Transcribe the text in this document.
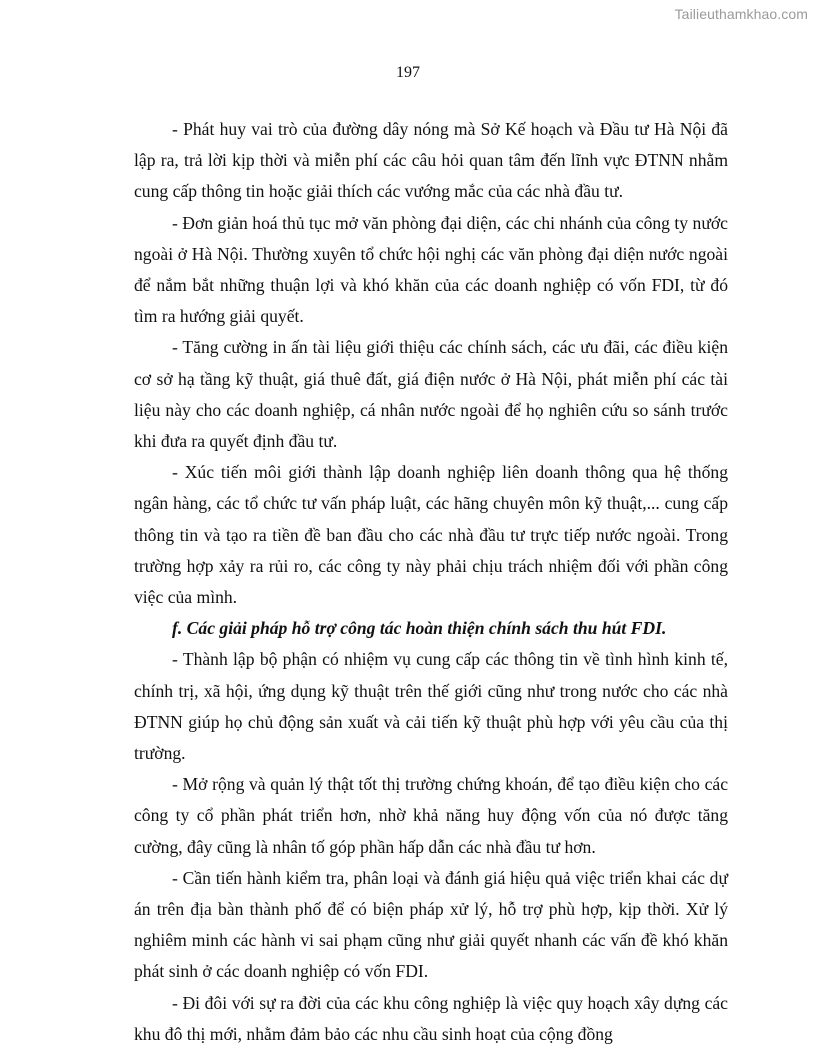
Tailieuthamkhao.com
197

- Phát huy vai trò của đường dây nóng mà Sở Kế hoạch và Đầu tư Hà Nội đã lập ra, trả lời kịp thời và miễn phí các câu hỏi quan tâm đến lĩnh vực ĐTNN nhằm cung cấp thông tin hoặc giải thích các vướng mắc của các nhà đầu tư.

- Đơn giản hoá thủ tục mở văn phòng đại diện, các chi nhánh của công ty nước ngoài ở Hà Nội. Thường xuyên tổ chức hội nghị các văn phòng đại diện nước ngoài để nắm bắt những thuận lợi và khó khăn của các doanh nghiệp có vốn FDI, từ đó tìm ra hướng giải quyết.

- Tăng cường in ấn tài liệu giới thiệu các chính sách, các ưu đãi, các điều kiện cơ sở hạ tầng kỹ thuật, giá thuê đất, giá điện nước ở Hà Nội, phát miễn phí các tài liệu này cho các doanh nghiệp, cá nhân nước ngoài để họ nghiên cứu so sánh trước khi đưa ra quyết định đầu tư.

- Xúc tiến môi giới thành lập doanh nghiệp liên doanh thông qua hệ thống ngân hàng, các tổ chức tư vấn pháp luật, các hãng chuyên môn kỹ thuật,... cung cấp thông tin và tạo ra tiền đề ban đầu cho các nhà đầu tư trực tiếp nước ngoài. Trong trường hợp xảy ra rủi ro, các công ty này phải chịu trách nhiệm đối với phần công việc của mình.

f. Các giải pháp hỗ trợ công tác hoàn thiện chính sách thu hút FDI.

- Thành lập bộ phận có nhiệm vụ cung cấp các thông tin về tình hình kinh tế, chính trị, xã hội, ứng dụng kỹ thuật trên thế giới cũng như trong nước cho các nhà ĐTNN giúp họ chủ động sản xuất và cải tiến kỹ thuật phù hợp với yêu cầu của thị trường.

- Mở rộng và quản lý thật tốt thị trường chứng khoán, để tạo điều kiện cho các công ty cổ phần phát triển hơn, nhờ khả năng huy động vốn của nó được tăng cường, đây cũng là nhân tố góp phần hấp dẫn các nhà đầu tư hơn.

- Cần tiến hành kiểm tra, phân loại và đánh giá hiệu quả việc triển khai các dự án trên địa bàn thành phố để có biện pháp xử lý, hỗ trợ phù hợp, kịp thời. Xử lý nghiêm minh các hành vi sai phạm cũng như giải quyết nhanh các vấn đề khó khăn phát sinh ở các doanh nghiệp có vốn FDI.

- Đi đôi với sự ra đời của các khu công nghiệp là việc quy hoạch xây dựng các khu đô thị mới, nhằm đảm bảo các nhu cầu sinh hoạt của cộng đồng
